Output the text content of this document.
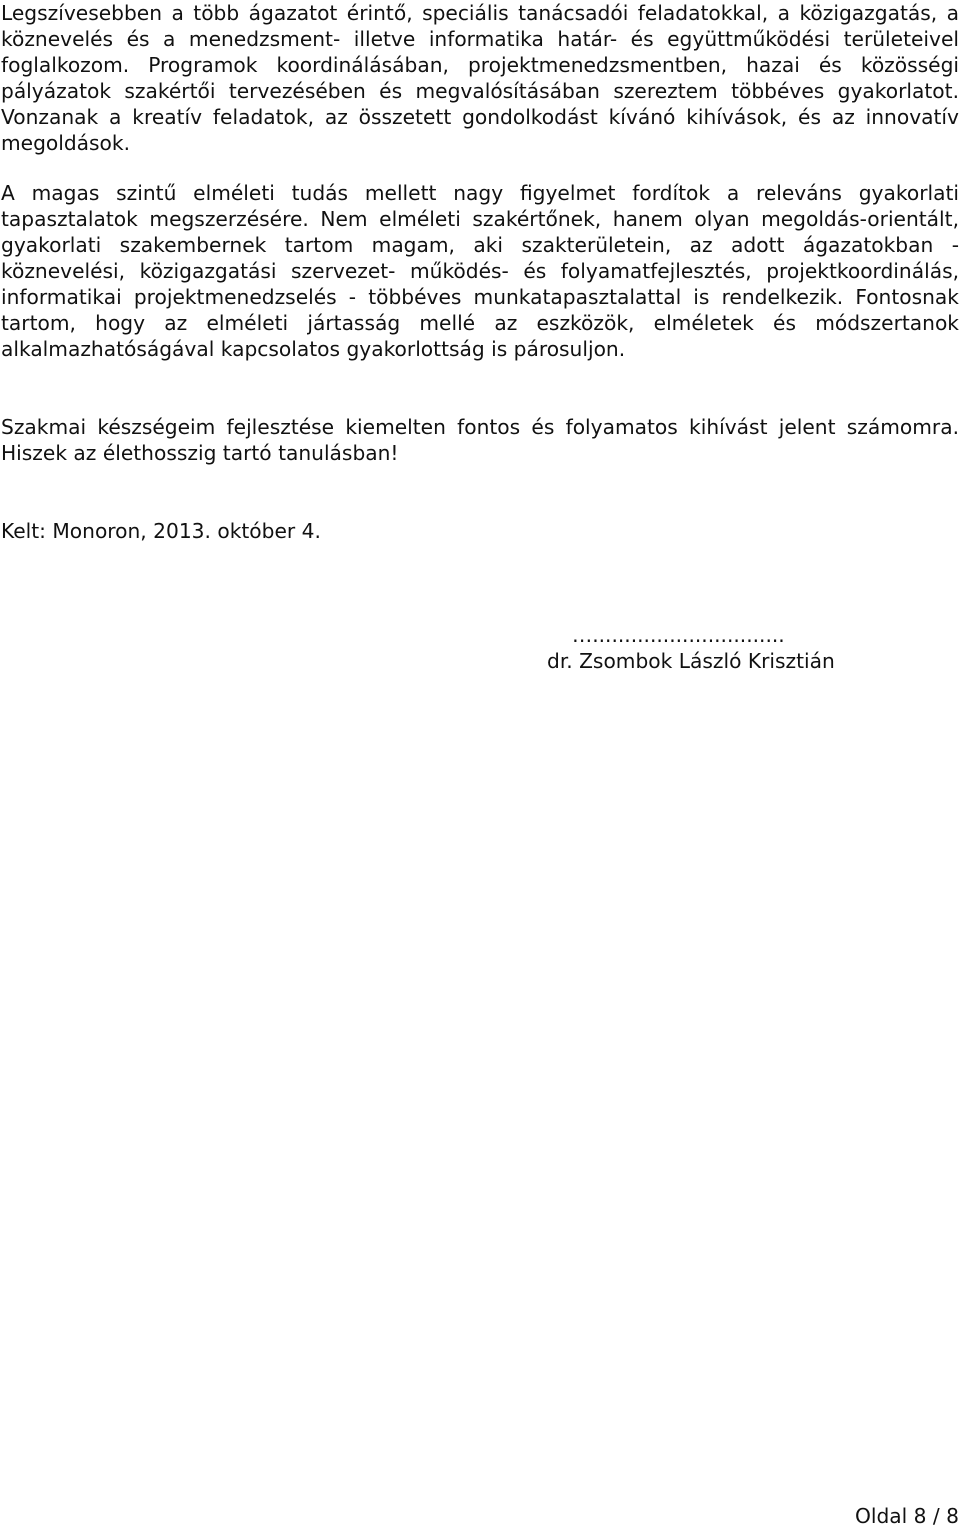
Legszívesebben a több ágazatot érintő, speciális tanácsadói feladatokkal, a közigazgatás, a köznevelés és a menedzsment- illetve informatika határ- és együttműködési területeivel foglalkozom. Programok koordinálásában, projektmenedzsmentben, hazai és közösségi pályázatok szakértői tervezésében és megvalósításában szereztem többéves gyakorlatot. Vonzanak a kreatív feladatok, az összetett gondolkodást kívánó kihívások, és az innovatív megoldások.

A magas szintű elméleti tudás mellett nagy figyelmet fordítok a releváns gyakorlati tapasztalatok megszerzésére. Nem elméleti szakértőnek, hanem olyan megoldás-orientált, gyakorlati szakembernek tartom magam, aki szakterületein, az adott ágazatokban - köznevelési, közigazgatási szervezet- működés- és folyamatfejlesztés, projektkoordinálás, informatikai projektmenedzselés - többéves munkatapasztalattal is rendelkezik. Fontosnak tartom, hogy az elméleti jártasság mellé az eszközök, elméletek és módszertanok alkalmazhatóságával kapcsolatos gyakorlottság is párosuljon.

Szakmai készségeim fejlesztése kiemelten fontos és folyamatos kihívást jelent számomra. Hiszek az élethosszig tartó tanulásban!

Kelt: Monoron, 2013. október 4.

…..............................

dr. Zsombok László Krisztián

Oldal 8 / 8
